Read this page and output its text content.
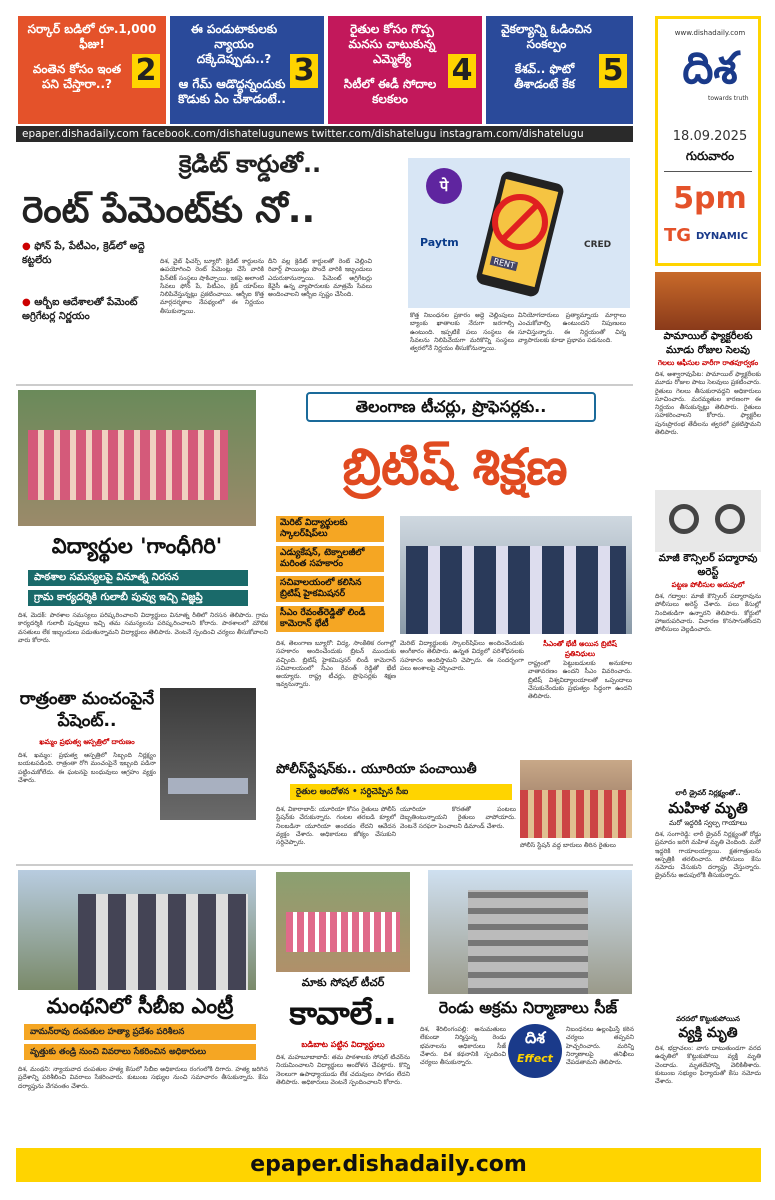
సర్కార్ బడిలో రూ.1,000 ఫీజు!
వంతెన కోసం ఇంత పని చేస్తారా..? 2
ఈ పండుటాకులకు న్యాయం దక్కేదెప్పుడు..?
ఆ గేమ్ ఆడొద్దన్నందుకు కొడుకు ఏం చేశాడంటే..
3
రైతుల కోసం గొప్ప మనసు చాటుకున్న ఎమ్మెల్యే
సిటీలో ఈడీ సోదాల కలకలం
4
వైకల్యాన్ని ఓడించిన సంకల్పం
కేశవ్.. ఫొటో తీశాడంటే కేక 5
epaper.dishadaily.com facebook.com/dishatelugunews twitter.com/dishatelugu instagram.com/dishatelugu
www.dishadaily.com
దిశ
towards truth
18.09.2025
గురువారం
5pm
TG DYNAMIC
క్రెడిట్ కార్డుతో..
రెంట్ పేమెంట్‌కు నో..
● ఫోన్ పే, పేటీఎం, క్రెడ్‌లో అద్దె కట్టలేరు
● ఆర్బీఐ ఆదేశాలతో పేమెంట్ అగ్రిగేటర్ల నిర్ణయం
దిశ, వైబ్ ఫీచర్స్ బ్యూరో: క్రెడిట్ కార్డులను ఉపయోగించి రెంట్ పేమెంట్లు చేసే వారికి ఫిన్‌టెక్ సంస్థలు షాకిచ్చాయి. ఇకపై అలాంటి సేవలు ఫోన్ పే, పేటీఎం, క్రెడ్ యాప్‌లు నిలిపివేస్తున్నట్లు ప్రకటించాయి. ఆర్బీఐ కొత్త మార్గదర్శకాల నేపథ్యంలో ఈ నిర్ణయం తీసుకున్నాయి.
దీని వల్ల క్రెడిట్ కార్డులతో రెంట్ చెల్లించి రివార్డ్ పాయింట్లు పొందే వారికి ఇబ్బందులు ఎదురుకానున్నాయి. పేమెంట్ అగ్రిగేటర్లు కేవైసీ ఉన్న వ్యాపారులకు మాత్రమే సేవలు అందించాలని ఆర్బీఐ స్పష్టం చేసింది.
కొత్త నిబంధనల ప్రకారం అద్దె చెల్లింపులు బ్యాంకు ఖాతాలకు నేరుగా జరగాల్సి ఉంటుంది. ఇప్పటికే పలు సంస్థలు ఈ సేవలను నిలిపివేయగా మరికొన్ని సంస్థలు త్వరలోనే నిర్ణయం తీసుకోనున్నాయి.
వినియోగదారులు ప్రత్యామ్నాయ మార్గాలు ఎంచుకోవాల్సి ఉంటుందని నిపుణులు సూచిస్తున్నారు. ఈ నిర్ణయంతో చిన్న వ్యాపారులకు కూడా ప్రభావం పడనుంది.
पे
Paytm
RENT
CRED
విద్యార్థుల 'గాంధీగిరి'
పాఠశాల సమస్యలపై వినూత్న నిరసన
గ్రామ కార్యదర్శికి గులాబీ పువ్వు ఇచ్చి విజ్ఞప్తి
దిశ, మెదక్: పాఠశాల సమస్యలు పరిష్కరించాలని విద్యార్థులు వినూత్న రీతిలో నిరసన తెలిపారు. గ్రామ కార్యదర్శికి గులాబీ పువ్వులు ఇచ్చి తమ సమస్యలను పరిష్కరించాలని కోరారు. పాఠశాలలో మౌలిక వసతులు లేక ఇబ్బందులు పడుతున్నామని విద్యార్థులు తెలిపారు. వెంటనే స్పందించి చర్యలు తీసుకోవాలని వారు కోరారు.
తెలంగాణ టీచర్లు, ప్రొఫెసర్లకు..
బ్రిటిష్ శిక్షణ
మెరిట్ విద్యార్థులకు స్కాలర్‌షిప్‌లు
ఎడ్యుకేషన్, టెక్నాలజీలో మరింత సహకారం
సచివాలయంలో కలిసిన బ్రిటిష్ హైకమిషనర్
సీఎం రేవంత్‌రెడ్డితో లిండీ కామెరాన్ భేటీ
దిశ, తెలంగాణ బ్యూరో: విద్య, సాంకేతిక రంగాల్లో సహకారం అందించేందుకు బ్రిటన్ ముందుకు వచ్చింది. బ్రిటిష్ హైకమిషనర్ లిండీ కామెరాన్ సచివాలయంలో సీఎం రేవంత్ రెడ్డితో భేటీ అయ్యారు. రాష్ట్ర టీచర్లు, ప్రొఫెసర్లకు శిక్షణ ఇవ్వనున్నారు.
మెరిట్ విద్యార్థులకు స్కాలర్‌షిప్‌లు అందించేందుకు అంగీకారం తెలిపారు. ఉన్నత విద్యలో పరిశోధనలకు సహకారం అందిస్తామని చెప్పారు. ఈ సందర్భంగా పలు అంశాలపై చర్చించారు.
సీఎంతో భేటీ అయిన బ్రిటిష్ ప్రతినిధులు
రాష్ట్రంలో పెట్టుబడులకు అనుకూల వాతావరణం ఉందని సీఎం వివరించారు. బ్రిటిష్ విశ్వవిద్యాలయాలతో ఒప్పందాలు చేసుకునేందుకు ప్రభుత్వం సిద్ధంగా ఉందని తెలిపారు.
రాత్రంతా మంచంపైనే పేషెంట్..
ఖమ్మం ప్రభుత్వ ఆస్పత్రిలో దారుణం
దిశ, ఖమ్మం: ప్రభుత్వ ఆస్పత్రిలో సిబ్బంది నిర్లక్ష్యం బయటపడింది. రాత్రంతా రోగి మంచంపైనే ఇబ్బంది పడినా పట్టించుకోలేదు. ఈ ఘటనపై బంధువులు ఆగ్రహం వ్యక్తం చేశారు.
పోలీస్‌స్టేషన్‌కు.. యూరియా పంచాయితీ
రైతుల ఆందోళన • సర్దిచెప్పిన సీఐ
దిశ, వికారాబాద్: యూరియా కోసం రైతులు పోలీస్ స్టేషన్‌కు చేరుకున్నారు. గంటల తరబడి క్యూలో నిలబడినా యూరియా అందడం లేదని ఆవేదన వ్యక్తం చేశారు. అధికారులు జోక్యం చేసుకుని సర్దిచెప్పారు.
యూరియా కొరతతో పంటలు దెబ్బతింటున్నాయని రైతులు వాపోయారు. వెంటనే సరఫరా పెంచాలని డిమాండ్ చేశారు.
పోలీస్ స్టేషన్ వద్ద బారులు తీరిన రైతులు
మంథనిలో సీబీఐ ఎంట్రీ
వామన్‌రావు దంపతుల హత్యా ప్రదేశం పరిశీలన
వృత్తుకు తండ్రి నుంచి వివరాలు సేకరించిన అధికారులు
దిశ, మంథని: న్యాయవాద దంపతుల హత్య కేసులో సీబీఐ అధికారులు రంగంలోకి దిగారు. హత్య జరిగిన ప్రదేశాన్ని పరిశీలించి వివరాలు సేకరించారు. కుటుంబ సభ్యుల నుంచి సమాచారం తీసుకున్నారు. కేసు దర్యాప్తును వేగవంతం చేశారు.
మాకు సోషల్ టీచర్
కావాలే..
బడిబాట పట్టిన విద్యార్థులు
దిశ, మహబూబాబాద్: తమ పాఠశాలకు సోషల్ టీచర్‌ను నియమించాలని విద్యార్థులు ఆందోళన చేపట్టారు. కొన్ని నెలలుగా ఉపాధ్యాయుడు లేక చదువులు సాగడం లేదని తెలిపారు. అధికారులు వెంటనే స్పందించాలని కోరారు.
రెండు అక్రమ నిర్మాణాలు సీజ్
దిశ
Effect
దిశ, శేరిలింగంపల్లి: అనుమతులు లేకుండా నిర్మిస్తున్న రెండు భవనాలను అధికారులు సీజ్ చేశారు. దిశ కథనానికి స్పందించి చర్యలు తీసుకున్నారు.
నిబంధనలు ఉల్లంఘిస్తే కఠిన చర్యలు తప్పవని హెచ్చరించారు. మరిన్ని నిర్మాణాలపై తనిఖీలు చేపడతామని తెలిపారు.
పామాయిల్ ఫ్యాక్టరీలకు మూడు రోజుల సెలవు
గెలలు ఆఫీసుల వారీగా రాతపూర్వకం
దిశ, అశ్వారావుపేట: పామాయిల్ ఫ్యాక్టరీలకు మూడు రోజుల పాటు సెలవులు ప్రకటించారు. రైతులు గెలలు తీసుకురావద్దని అధికారులు సూచించారు. మరమ్మతుల కారణంగా ఈ నిర్ణయం తీసుకున్నట్లు తెలిపారు. రైతులు సహకరించాలని కోరారు. ఫ్యాక్టరీల పునఃప్రారంభ తేదీలను త్వరలో ప్రకటిస్తామని తెలిపారు.
మాజీ కౌన్సిలర్ పద్మారావు అరెస్ట్
పట్టణ పోలీసుల అదుపులో
దిశ, గద్వాల: మాజీ కౌన్సిలర్ పద్మారావును పోలీసులు అరెస్ట్ చేశారు. పలు కేసుల్లో నిందితుడిగా ఉన్నారని తెలిపారు. కోర్టులో హాజరుపరిచారు. విచారణ కొనసాగుతోందని పోలీసులు వెల్లడించారు.
లారీ డ్రైవర్ నిర్లక్ష్యంతో..
మహిళ మృతి
మరో ఇద్దరికి స్వల్ప గాయాలు
దిశ, సంగారెడ్డి: లారీ డ్రైవర్ నిర్లక్ష్యంతో రోడ్డు ప్రమాదం జరిగి మహిళ మృతి చెందింది. మరో ఇద్దరికి గాయాలయ్యాయి. క్షతగాత్రులను ఆస్పత్రికి తరలించారు. పోలీసులు కేసు నమోదు చేసుకుని దర్యాప్తు చేస్తున్నారు. డ్రైవర్‌ను అదుపులోకి తీసుకున్నారు.
వరదలో కొట్టుకుపోయిన
వ్యక్తి మృతి
దిశ, భద్రాచలం: వాగు దాటుతుండగా వరద ఉధృతిలో కొట్టుకుపోయి వ్యక్తి మృతి చెందాడు. మృతదేహాన్ని వెలికితీశారు. కుటుంబ సభ్యుల ఫిర్యాదుతో కేసు నమోదు చేశారు.
epaper.dishadaily.com
